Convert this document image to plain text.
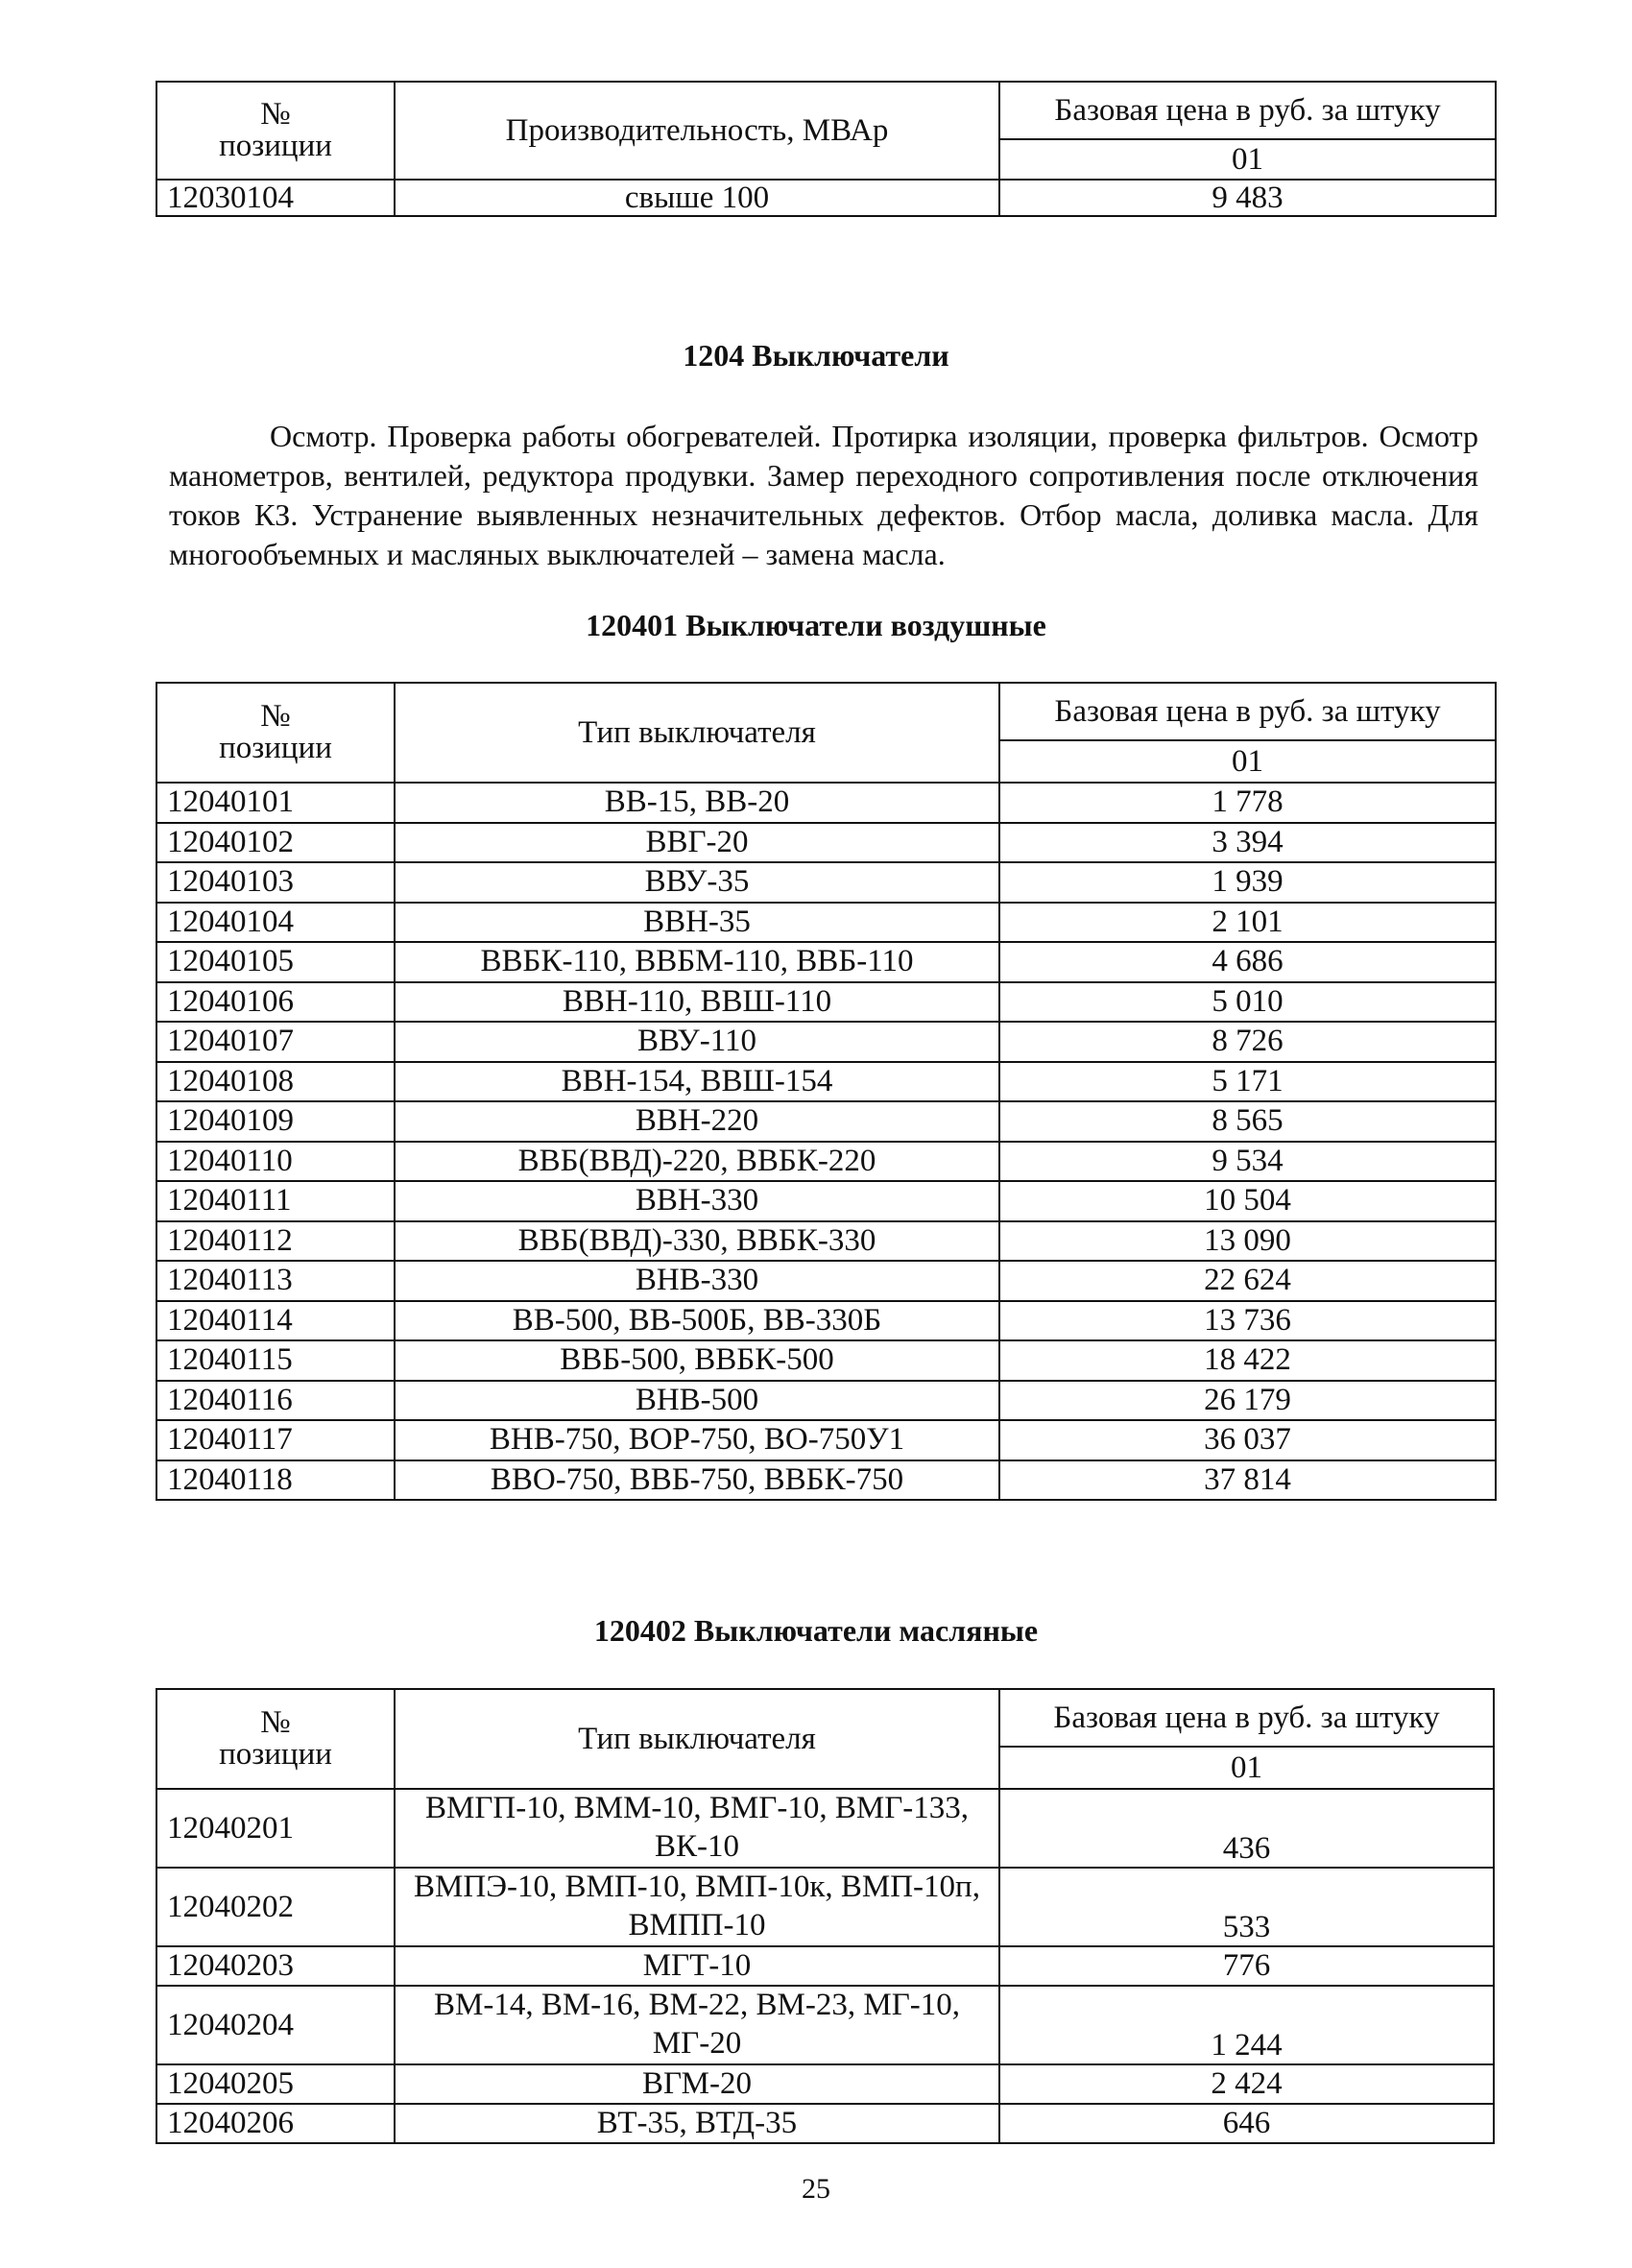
№
позиции	Производительность, МВАр	Базовая цена в руб. за штуку
		01
12030104	свыше 100	9 483
1204 Выключатели
Осмотр. Проверка работы обогревателей. Протирка изоляции, проверка фильтров. Осмотр манометров, вентилей, редуктора продувки. Замер переходного сопротивления после отключения токов КЗ. Устранение выявленных незначительных дефектов. Отбор масла, доливка масла. Для многообъемных и масляных выключателей – замена масла.
120401 Выключатели воздушные
№
позиции	Тип выключателя	Базовая цена в руб. за штуку
		01
12040101	ВВ-15, ВВ-20	1 778
12040102	ВВГ-20	3 394
12040103	ВВУ-35	1 939
12040104	ВВН-35	2 101
12040105	ВВБК-110, ВВБМ-110, ВВБ-110	4 686
12040106	ВВН-110, ВВШ-110	5 010
12040107	ВВУ-110	8 726
12040108	ВВН-154, ВВШ-154	5 171
12040109	ВВН-220	8 565
12040110	ВВБ(ВВД)-220, ВВБК-220	9 534
12040111	ВВН-330	10 504
12040112	ВВБ(ВВД)-330, ВВБК-330	13 090
12040113	ВНВ-330	22 624
12040114	ВВ-500, ВВ-500Б, ВВ-330Б	13 736
12040115	ВВБ-500, ВВБК-500	18 422
12040116	ВНВ-500	26 179
12040117	ВНВ-750, ВОР-750, ВО-750У1	36 037
12040118	ВВО-750, ВВБ-750, ВВБК-750	37 814
120402 Выключатели масляные
№
позиции	Тип выключателя	Базовая цена в руб. за штуку
		01
12040201	ВМГП-10, ВММ-10, ВМГ-10, ВМГ-133, ВК-10	436
12040202	ВМПЭ-10, ВМП-10, ВМП-10к, ВМП-10п, ВМПП-10	533
12040203	МГТ-10	776
12040204	ВМ-14, ВМ-16, ВМ-22, ВМ-23, МГ-10, МГ-20	1 244
12040205	ВГМ-20	2 424
12040206	ВТ-35, ВТД-35	646
25
